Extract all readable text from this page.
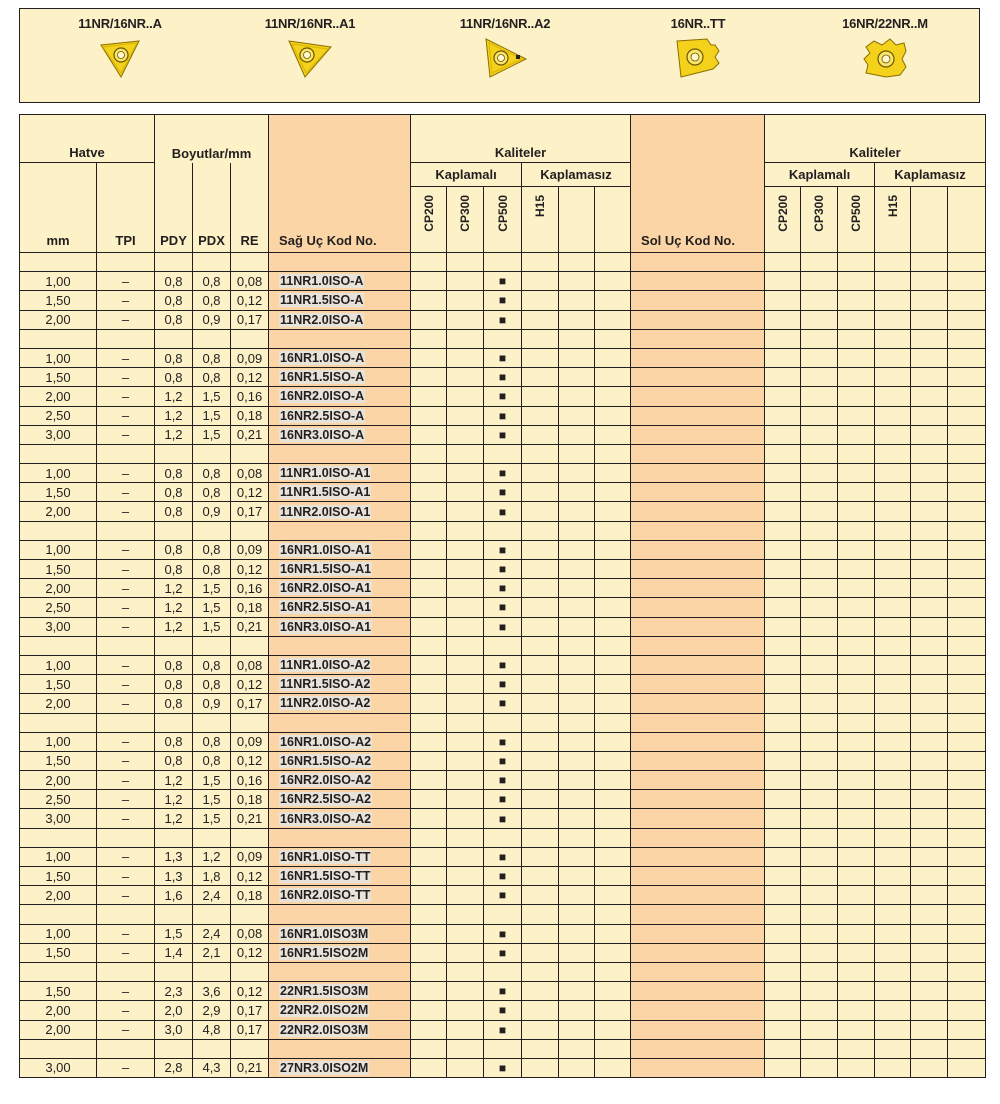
11NR/16NR..A	11NR/16NR..A1	11NR/16NR..A2	16NR..TT	16NR/22NR..M
Hatve		Boyutlar/mm			Sağ Uç Kod No.	Kaliteler						Sol Uç Kod No.	Kaliteler					
mm	TPI	PDY	PDX	RE		Kaplamalı			Kaplamasız				Kaplamalı			Kaplamasız		
						CP200	CP300	CP500	H15				CP200	CP300	CP500	H15		

1,00	–	0,8	0,8	0,08	11NR1.0ISO-A			■										
1,50	–	0,8	0,8	0,12	11NR1.5ISO-A			■										
2,00	–	0,8	0,9	0,17	11NR2.0ISO-A			■										

1,00	–	0,8	0,8	0,09	16NR1.0ISO-A			■										
1,50	–	0,8	0,8	0,12	16NR1.5ISO-A			■										
2,00	–	1,2	1,5	0,16	16NR2.0ISO-A			■										
2,50	–	1,2	1,5	0,18	16NR2.5ISO-A			■										
3,00	–	1,2	1,5	0,21	16NR3.0ISO-A			■										

1,00	–	0,8	0,8	0,08	11NR1.0ISO-A1			■										
1,50	–	0,8	0,8	0,12	11NR1.5ISO-A1			■										
2,00	–	0,8	0,9	0,17	11NR2.0ISO-A1			■										

1,00	–	0,8	0,8	0,09	16NR1.0ISO-A1			■										
1,50	–	0,8	0,8	0,12	16NR1.5ISO-A1			■										
2,00	–	1,2	1,5	0,16	16NR2.0ISO-A1			■										
2,50	–	1,2	1,5	0,18	16NR2.5ISO-A1			■										
3,00	–	1,2	1,5	0,21	16NR3.0ISO-A1			■										

1,00	–	0,8	0,8	0,08	11NR1.0ISO-A2			■										
1,50	–	0,8	0,8	0,12	11NR1.5ISO-A2			■										
2,00	–	0,8	0,9	0,17	11NR2.0ISO-A2			■										

1,00	–	0,8	0,8	0,09	16NR1.0ISO-A2			■										
1,50	–	0,8	0,8	0,12	16NR1.5ISO-A2			■										
2,00	–	1,2	1,5	0,16	16NR2.0ISO-A2			■										
2,50	–	1,2	1,5	0,18	16NR2.5ISO-A2			■										
3,00	–	1,2	1,5	0,21	16NR3.0ISO-A2			■										

1,00	–	1,3	1,2	0,09	16NR1.0ISO-TT			■										
1,50	–	1,3	1,8	0,12	16NR1.5ISO-TT			■										
2,00	–	1,6	2,4	0,18	16NR2.0ISO-TT			■										

1,00	–	1,5	2,4	0,08	16NR1.0ISO3M			■										
1,50	–	1,4	2,1	0,12	16NR1.5ISO2M			■										

1,50	–	2,3	3,6	0,12	22NR1.5ISO3M			■										
2,00	–	2,0	2,9	0,17	22NR2.0ISO2M			■										
2,00	–	3,0	4,8	0,17	22NR2.0ISO3M			■										

3,00	–	2,8	4,3	0,21	27NR3.0ISO2M			■										
